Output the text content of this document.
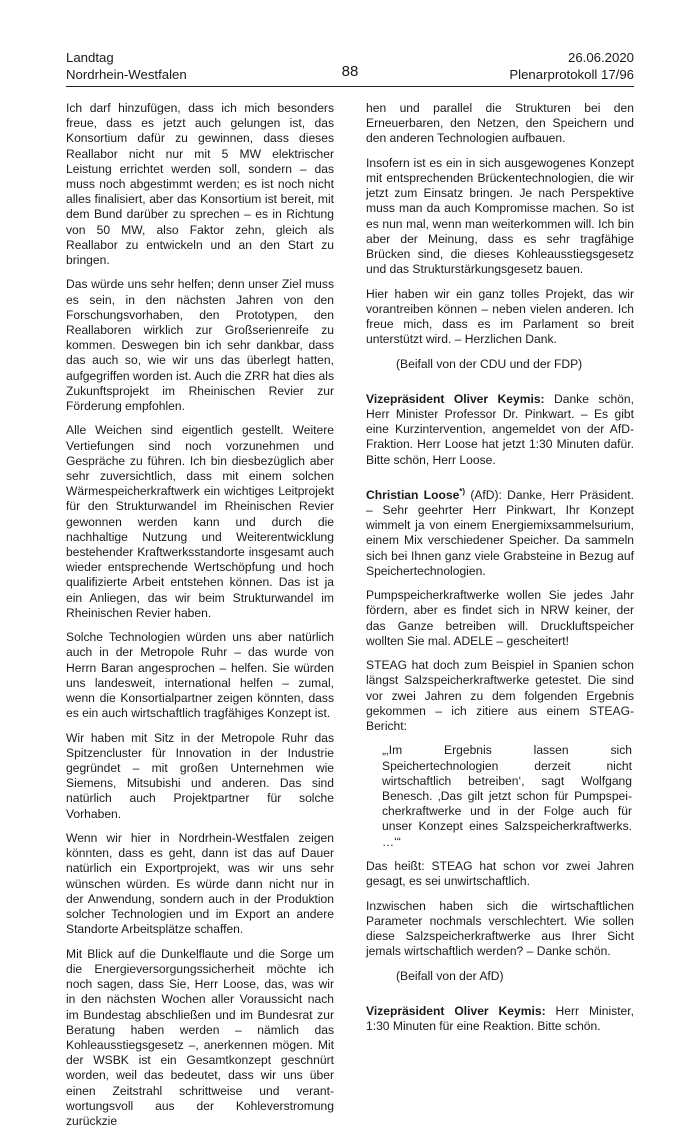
Landtag
Nordrhein-Westfalen	88
26.06.2020
Plenarprotokoll 17/96

Ich darf hinzufügen, dass ich mich besonders freue, dass es jetzt auch gelungen ist, das Konsortium dafür zu gewinnen, dass dieses Reallabor nicht nur mit 5 MW elektrischer Leistung errichtet werden soll, sondern – das muss noch abgestimmt werden; es ist noch nicht alles finalisiert, aber das Konsortium ist bereit, mit dem Bund darüber zu sprechen – es in Richtung von 50 MW, also Faktor zehn, gleich als Reallabor zu entwickeln und an den Start zu bringen.

Das würde uns sehr helfen; denn unser Ziel muss es sein, in den nächsten Jahren von den Forschungsvorhaben, den Prototypen, den Reallaboren wirklich zur Großserienreife zu kommen. Deswegen bin ich sehr dankbar, dass das auch so, wie wir uns das überlegt hatten, aufgegriffen worden ist. Auch die ZRR hat dies als Zukunftsprojekt im Rheinischen Revier zur Förderung empfohlen.

Alle Weichen sind eigentlich gestellt. Weitere Vertiefungen sind noch vorzunehmen und Gespräche zu führen. Ich bin diesbezüglich aber sehr zuversichtlich, dass mit einem solchen Wärmespeicherkraftwerk ein wichtiges Leitprojekt für den Strukturwandel im Rheinischen Revier gewonnen werden kann und durch die nachhaltige Nutzung und Weiterentwicklung bestehender Kraftwerksstandorte insgesamt auch wieder entsprechende Wertschöpfung und hoch qualifizierte Arbeit entstehen können. Das ist ja ein Anliegen, das wir beim Strukturwandel im Rheinischen Revier haben.

Solche Technologien würden uns aber natürlich auch in der Metropole Ruhr – das wurde von Herrn Baran angesprochen – helfen. Sie würden uns landesweit, international helfen – zumal, wenn die Konsortialpartner zeigen könnten, dass es ein auch wirtschaftlich tragfähiges Konzept ist.

Wir haben mit Sitz in der Metropole Ruhr das Spitzencluster für Innovation in der Industrie gegründet – mit großen Unternehmen wie Siemens, Mitsubishi und anderen. Das sind natürlich auch Projektpartner für solche Vorhaben.

Wenn wir hier in Nordrhein-Westfalen zeigen könnten, dass es geht, dann ist das auf Dauer natürlich ein Exportprojekt, was wir uns sehr wünschen würden. Es würde dann nicht nur in der Anwendung, sondern auch in der Produktion solcher Technologien und im Export an andere Standorte Arbeitsplätze schaffen.

Mit Blick auf die Dunkelflaute und die Sorge um die Energieversorgungssicherheit möchte ich noch sagen, dass Sie, Herr Loose, das, was wir in den nächsten Wochen aller Voraussicht nach im Bundestag abschließen und im Bundesrat zur Beratung haben werden – nämlich das Kohleausstiegsgesetz –, anerkennen mögen. Mit der WSBK ist ein Gesamtkonzept geschnürt worden, weil das bedeutet, dass wir uns über einen Zeitstrahl schrittweise und verantwortungsvoll aus der Kohleverstromung zurückzie

hen und parallel die Strukturen bei den Erneuerbaren, den Netzen, den Speichern und den anderen Technologien aufbauen.

Insofern ist es ein in sich ausgewogenes Konzept mit entsprechenden Brückentechnologien, die wir jetzt zum Einsatz bringen. Je nach Perspektive muss man da auch Kompromisse machen. So ist es nun mal, wenn man weiterkommen will. Ich bin aber der Meinung, dass es sehr tragfähige Brücken sind, die dieses Kohleausstiegsgesetz und das Strukturstärkungsgesetz bauen.

Hier haben wir ein ganz tolles Projekt, das wir vorantreiben können – neben vielen anderen. Ich freue mich, dass es im Parlament so breit unterstützt wird. – Herzlichen Dank.

(Beifall von der CDU und der FDP)

Vizepräsident Oliver Keymis: Danke schön, Herr Minister Professor Dr. Pinkwart. – Es gibt eine Kurzintervention, angemeldet von der AfD-Fraktion. Herr Loose hat jetzt 1:30 Minuten dafür. Bitte schön, Herr Loose.

Christian Loose*) (AfD): Danke, Herr Präsident. – Sehr geehrter Herr Pinkwart, Ihr Konzept wimmelt ja von einem Energiemixsammelsurium, einem Mix verschiedener Speicher. Da sammeln sich bei Ihnen ganz viele Grabsteine in Bezug auf Speichertechnologien.

Pumpspeicherkraftwerke wollen Sie jedes Jahr fördern, aber es findet sich in NRW keiner, der das Ganze betreiben will. Druckluftspeicher wollten Sie mal. ADELE – gescheitert!

STEAG hat doch zum Beispiel in Spanien schon längst Salzspeicherkraftwerke getestet. Die sind vor zwei Jahren zu dem folgenden Ergebnis gekommen – ich zitiere aus einem STEAG-Bericht:

„‚Im Ergebnis lassen sich Speichertechnologien derzeit nicht wirtschaftlich betreiben‘, sagt Wolfgang Benesch. ‚Das gilt jetzt schon für Pumpspeicherkraftwerke und in der Folge auch für unser Konzept eines Salzspeicherkraftwerks. …‘“

Das heißt: STEAG hat schon vor zwei Jahren gesagt, es sei unwirtschaftlich.

Inzwischen haben sich die wirtschaftlichen Parameter nochmals verschlechtert. Wie sollen diese Salzspeicherkraftwerke aus Ihrer Sicht jemals wirtschaftlich werden? – Danke schön.

(Beifall von der AfD)

Vizepräsident Oliver Keymis: Herr Minister, 1:30 Minuten für eine Reaktion. Bitte schön.
